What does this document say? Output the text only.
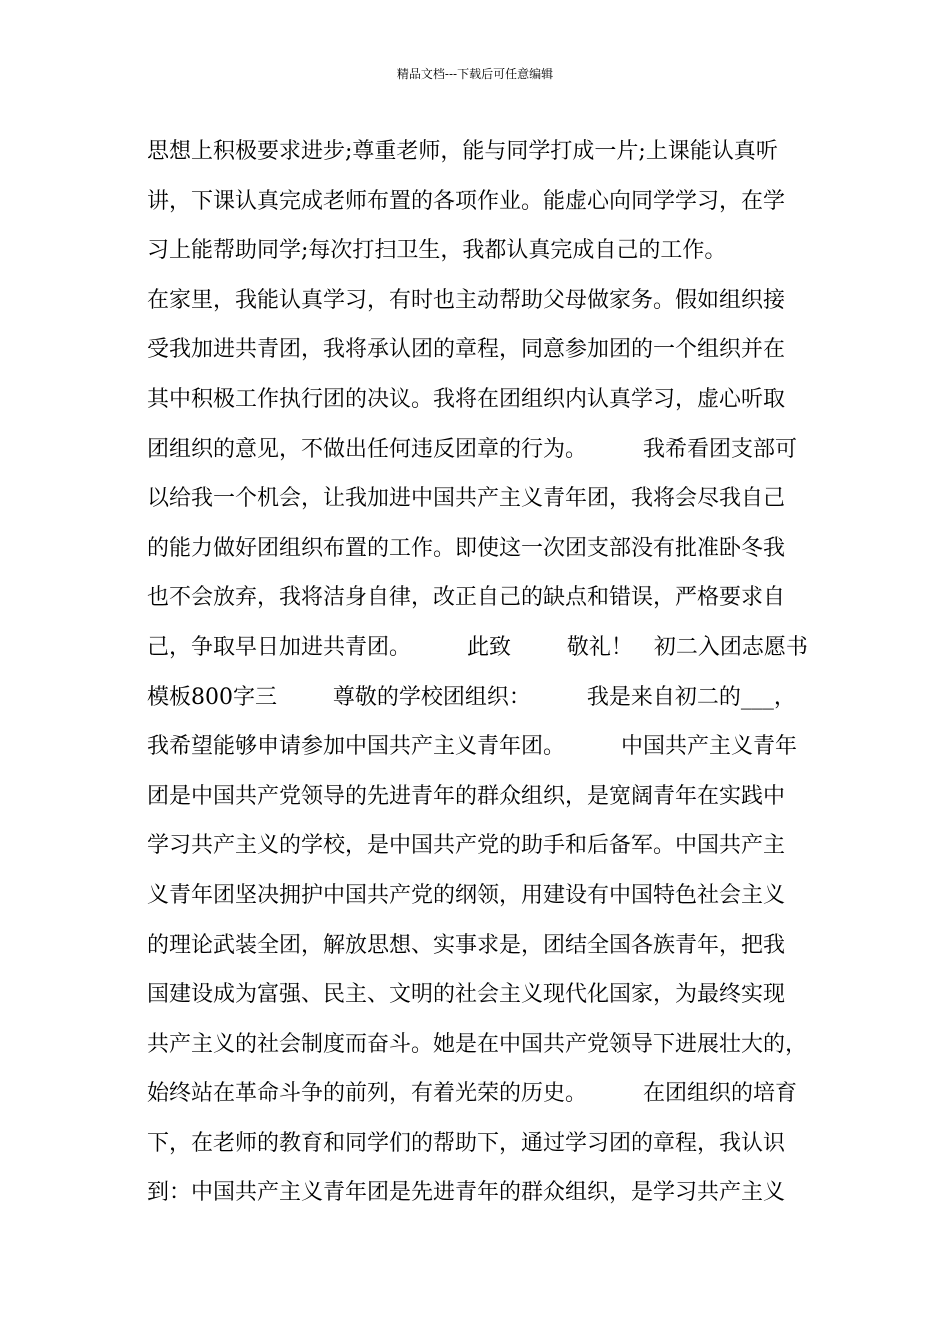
精品文档---下载后可任意编辑
思想上积极要求进步;尊重老师，能与同学打成一片;上课能认真听
讲，下课认真完成老师布置的各项作业。能虚心向同学学习，在学
习上能帮助同学;每次打扫卫生，我都认真完成自己的工作。
在家里，我能认真学习，有时也主动帮助父母做家务。假如组织接
受我加进共青团，我将承认团的章程，同意参加团的一个组织并在
其中积极工作执行团的决议。我将在团组织内认真学习，虚心听取
团组织的意见，不做出任何违反团章的行为。        我希看团支部可
以给我一个机会，让我加进中国共产主义青年团，我将会尽我自己
的能力做好团组织布置的工作。即使这一次团支部没有批准卧冬我
也不会放弃，我将洁身自律，改正自己的缺点和错误，严格要求自
己，争取早日加进共青团。        此致        敬礼！   初二入团志愿书
模板800字三        尊敬的学校团组织：        我是来自初二的___，
我希望能够申请参加中国共产主义青年团。        中国共产主义青年
团是中国共产党领导的先进青年的群众组织，是宽阔青年在实践中
学习共产主义的学校，是中国共产党的助手和后备军。中国共产主
义青年团坚决拥护中国共产党的纲领，用建设有中国特色社会主义
的理论武装全团，解放思想、实事求是，团结全国各族青年，把我
国建设成为富强、民主、文明的社会主义现代化国家，为最终实现
共产主义的社会制度而奋斗。她是在中国共产党领导下进展壮大的，
始终站在革命斗争的前列，有着光荣的历史。        在团组织的培育
下，在老师的教育和同学们的帮助下，通过学习团的章程，我认识
到：中国共产主义青年团是先进青年的群众组织，是学习共产主义
